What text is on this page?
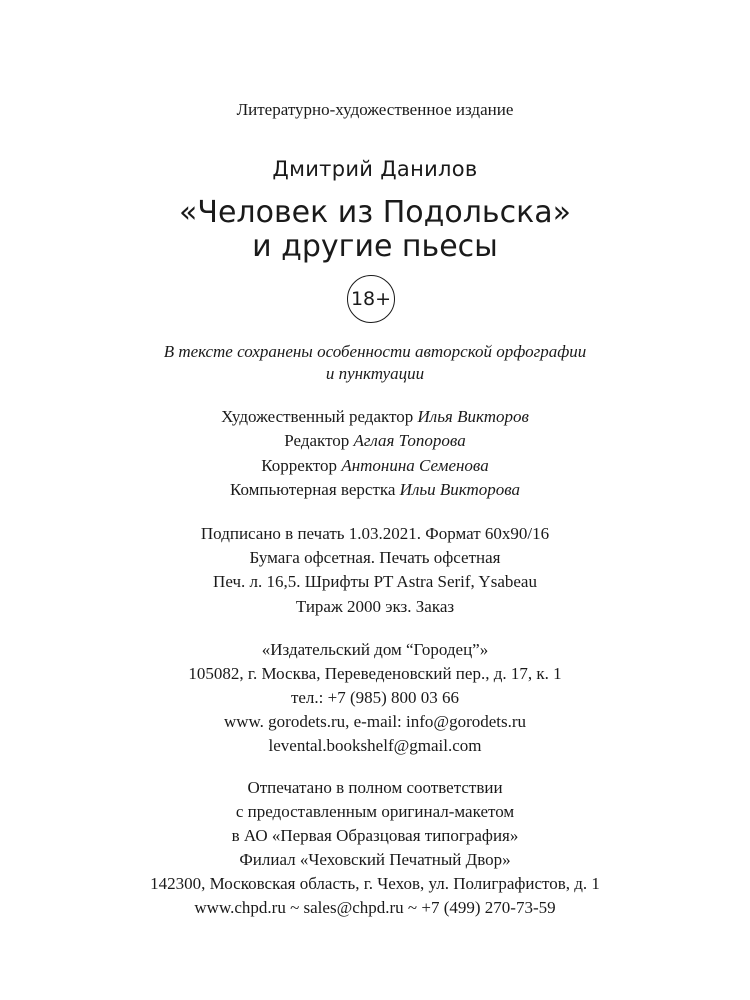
Литературно-художественное издание
Дмитрий Данилов
«Человек из Подольска»
и другие пьесы
18+
В тексте сохранены особенности авторской орфографии
и пунктуации
Художественный редактор Илья Викторов
Редактор Аглая Топорова
Корректор Антонина Семенова
Компьютерная верстка Ильи Викторова
Подписано в печать 1.03.2021. Формат 60x90/16
Бумага офсетная. Печать офсетная
Печ. л. 16,5. Шрифты PT Astra Serif, Ysabeau
Тираж 2000 экз. Заказ
«Издательский дом “Городец”»
105082, г. Москва, Переведеновский пер., д. 17, к. 1
тел.: +7 (985) 800 03 66
www. gorodets.ru, e-mail: info@gorodets.ru
levental.bookshelf@gmail.com
Отпечатано в полном соответствии
с предоставленным оригинал-макетом
в АО «Первая Образцовая типография»
Филиал «Чеховский Печатный Двор»
142300, Московская область, г. Чехов, ул. Полиграфистов, д. 1
www.chpd.ru ~ sales@chpd.ru ~ +7 (499) 270-73-59
